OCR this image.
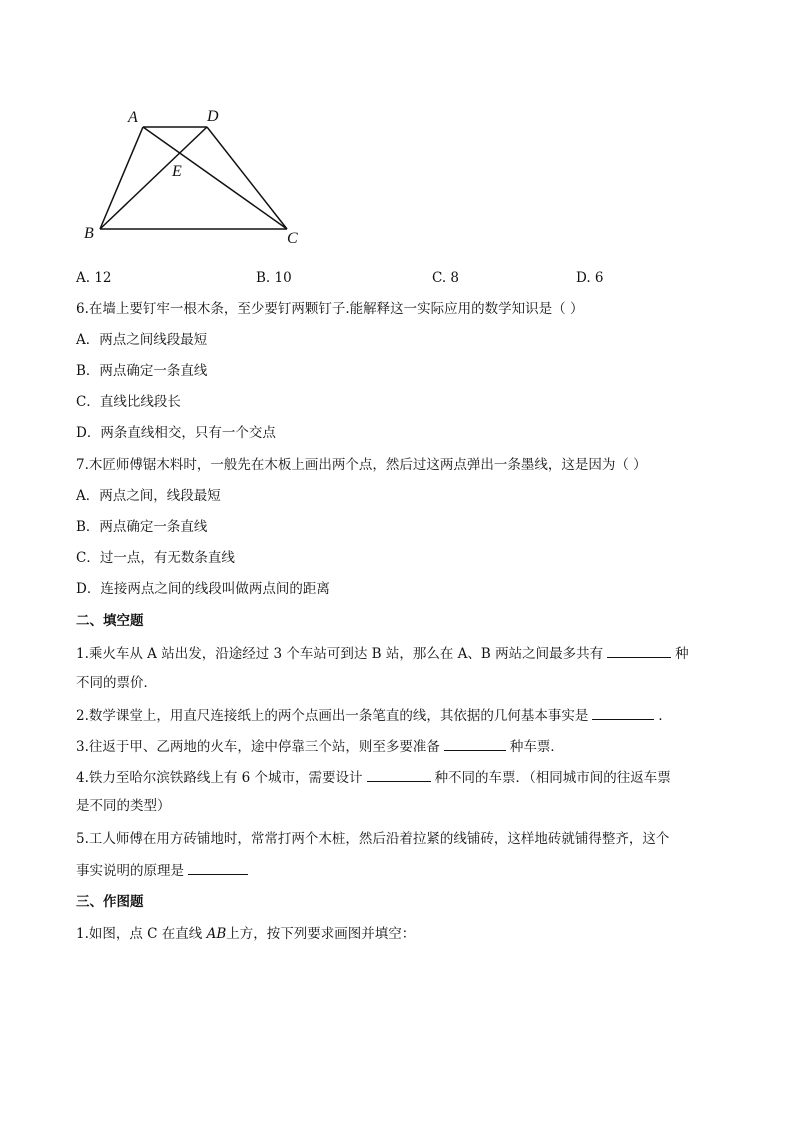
A	D
E
B	C
A. 12	B. 10	C. 8	D. 6
6.在墙上要钉牢一根木条，至少要钉两颗钉子.能解释这一实际应用的数学知识是（ ）
A．两点之间线段最短
B．两点确定一条直线
C．直线比线段长
D．两条直线相交，只有一个交点
7.木匠师傅锯木料时，一般先在木板上画出两个点，然后过这两点弹出一条墨线，这是因为（ ）
A．两点之间，线段最短
B．两点确定一条直线
C．过一点，有无数条直线
D．连接两点之间的线段叫做两点间的距离
二、填空题
1.乘火车从 A 站出发，沿途经过 3 个车站可到达 B 站，那么在 A、B 两站之间最多共有	种
不同的票价．
2.数学课堂上，用直尺连接纸上的两个点画出一条笔直的线，其依据的几何基本事实是	．
3.往返于甲、乙两地的火车，途中停靠三个站，则至多要准备	种车票．
4.铁力至哈尔滨铁路线上有 6 个城市，需要设计	种不同的车票．（相同城市间的往返车票
是不同的类型）
5.工人师傅在用方砖铺地时，常常打两个木桩，然后沿着拉紧的线铺砖，这样地砖就铺得整齐，这个
事实说明的原理是
三、作图题
1.如图，点 C 在直线 AB上方，按下列要求画图并填空：
